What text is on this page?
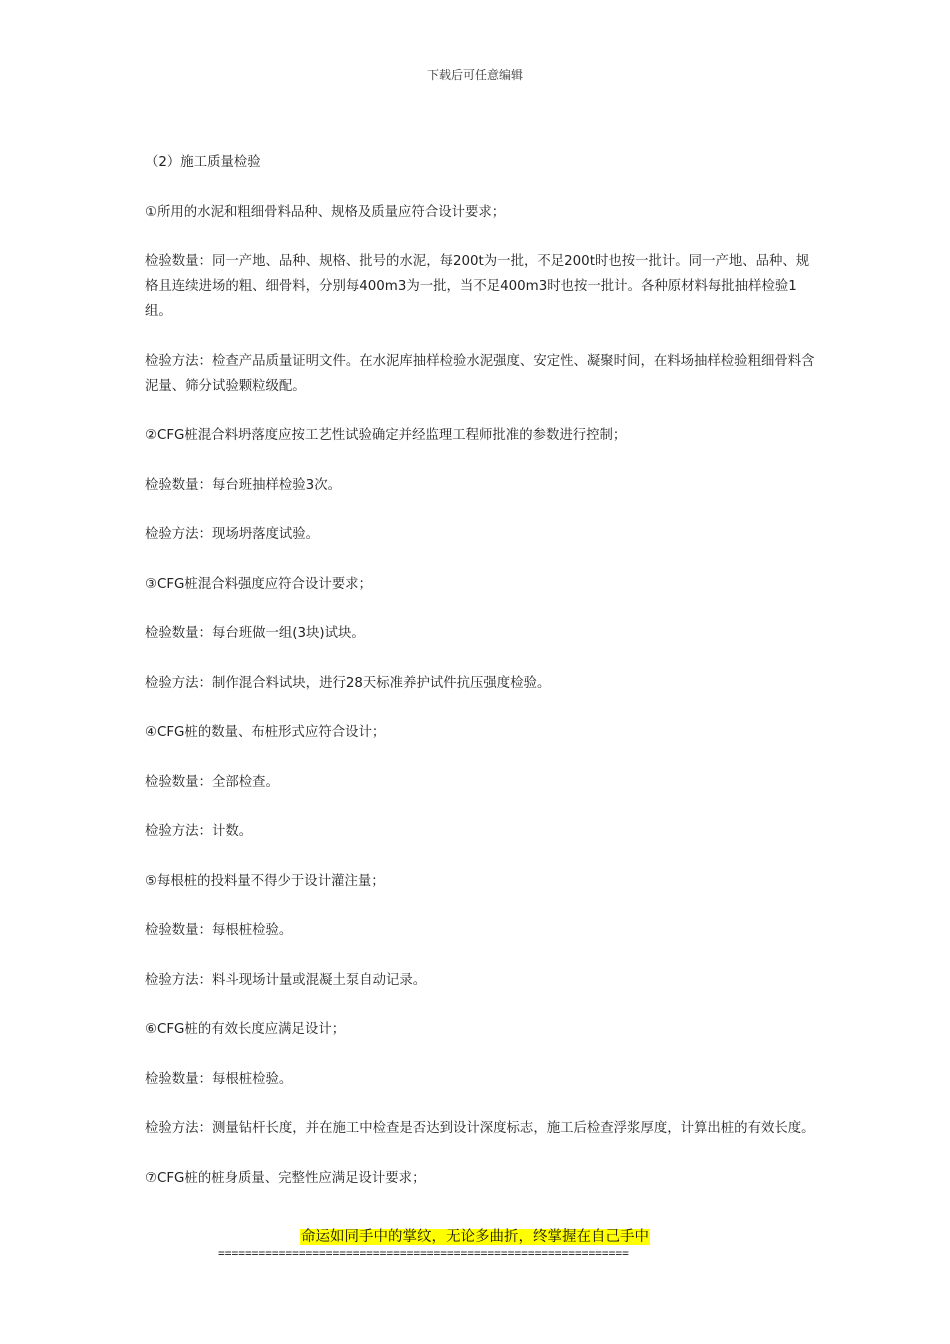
下载后可任意编辑

（2）施工质量检验

①所用的水泥和粗细骨料品种、规格及质量应符合设计要求；

检验数量：同一产地、品种、规格、批号的水泥，每200t为一批，不足200t时也按一批计。同一产地、品种、规格且连续进场的粗、细骨料，分别每400m3为一批，当不足400m3时也按一批计。各种原材料每批抽样检验1组。

检验方法：检查产品质量证明文件。在水泥库抽样检验水泥强度、安定性、凝聚时间，在料场抽样检验粗细骨料含泥量、筛分试验颗粒级配。

②CFG桩混合料坍落度应按工艺性试验确定并经监理工程师批准的参数进行控制；

检验数量：每台班抽样检验3次。

检验方法：现场坍落度试验。

③CFG桩混合料强度应符合设计要求；

检验数量：每台班做一组(3块)试块。

检验方法：制作混合料试块，进行28天标准养护试件抗压强度检验。

④CFG桩的数量、布桩形式应符合设计；

检验数量：全部检查。

检验方法：计数。

⑤每根桩的投料量不得少于设计灌注量；

检验数量：每根桩检验。

检验方法：料斗现场计量或混凝土泵自动记录。

⑥CFG桩的有效长度应满足设计；

检验数量：每根桩检验。

检验方法：测量钻杆长度，并在施工中检查是否达到设计深度标志，施工后检查浮浆厚度，计算出桩的有效长度。

⑦CFG桩的桩身质量、完整性应满足设计要求；

命运如同手中的掌纹，无论多曲折，终掌握在自己手中
=============================================================
